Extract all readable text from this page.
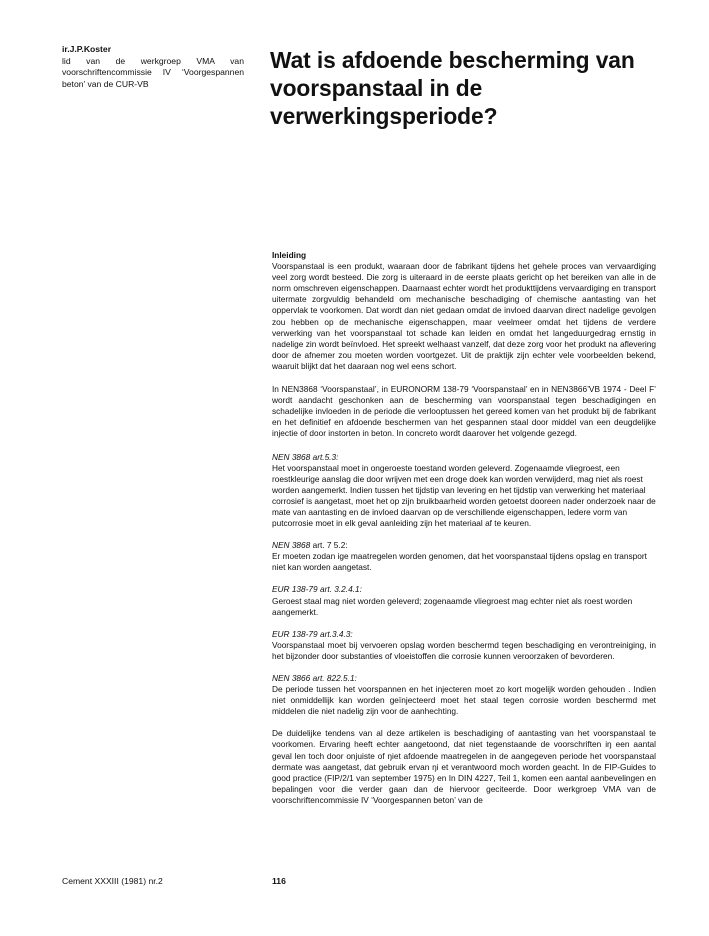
ir.J.P.Koster
lid van de werkgroep VMA van voorschriftencommissie IV ‘Voorgespannen beton’ van de CUR-VB
Wat is afdoende bescherming van voorspanstaal in de verwerkingsperiode?
Inleiding

Voorspanstaal is een produkt, waaraan door de fabrikant tijdens het gehele proces van vervaardiging veel zorg wordt besteed. Die zorg is uiteraard in de eerste plaats gericht op het bereiken van alle in de norm omschreven eigenschappen. Daarnaast echter wordt het produkttijdens vervaardiging en transport uitermate zorgvuldig behandeld om mechanische beschadiging of chemische aantasting van het oppervlak te voorkomen. Dat wordt dan niet gedaan omdat de invloed daarvan direct nadelige gevolgen zou hebben op de mechanische eigenschappen, maar veelmeer omdat het tijdens de verdere verwerking van het voorspanstaal tot schade kan leiden en omdat het langeduurgedrag ernstig in nadelige zin wordt beïnvloed. Het spreekt welhaast vanzelf, dat deze zorg voor het produkt na aflevering door de afnemer zou moeten worden voortgezet. Uit de praktijk zijn echter vele voorbeelden bekend, waaruit blijkt dat het daaraan nog wel eens schort.

In NEN3868 ‘Voorspanstaal’, in EURONORM 138-79 ‘Voorspanstaal’ en in NEN3866’VB 1974 - Deel F’ wordt aandacht geschonken aan de bescherming van voorspanstaal tegen beschadigingen en schadelijke invloeden in de periode die verlooptussen het gereed komen van het produkt bij de fabrikant en het definitief en afdoende beschermen van het gespannen staal door middel van een deugdelijke injectie of door instorten in beton. In concreto wordt daarover het volgende gezegd.

NEN 3868 art.5.3:
Het voorspanstaal moet in ongeroeste toestand worden geleverd. Zogenaamde vliegroest, een roestkleurige aanslag die door wrijven met een droge doek kan worden verwijderd, mag niet als roest worden aangemerkt. Indien tussen het tijdstip van levering en het tijdstip van verwerking het materiaal corrosief is aangetast, moet het op zijn bruikbaarheid worden getoetst dooreen nader onderzoek naar de mate van aantasting en de invloed daarvan op de verschillende eigenschappen, ledere vorm van putcorrosie moet in elk geval aanleiding zijn het materiaal af te keuren.
NEN 3868 art. 7 5.2:
Er moeten zodan ige maatregelen worden genomen, dat het voorspanstaal tijdens opslag en transport niet kan worden aangetast.
EUR 138-79 art. 3.2.4.1:
Geroest staal mag niet worden geleverd; zogenaamde vliegroest mag echter niet als roest worden aangemerkt.
EUR 138-79 art.3.4.3:
Voorspanstaal moet bij vervoeren opslag worden beschermd tegen beschadiging en verontreiniging, in het bijzonder door substanties of vloeistoffen die corrosie kunnen veroorzaken of bevorderen.
NEN 3866 art. 822.5.1:
De periode tussen het voorspannen en het injecteren moet zo kort mogelijk worden gehouden . Indien niet onmiddellijk kan worden geïnjecteerd moet het staal tegen corrosie worden beschermd met middelen die niet nadelig zijn voor de aanhechting.

De duidelijke tendens van al deze artikelen is beschadiging of aantasting van het voorspanstaal te voorkomen. Ervaring heeft echter aangetoond, dat niet tegenstaande de voorschriften iŋ een aantal geval len toch door onjuiste of ŋiet afdoende maatregelen in de aangegeven periode het voorspanstaal dermate was aangetast, dat gebruik ervan ŋi et verantwoord moch worden geacht. In de FIP-Guides to good practice (FIP/2/1 van september 1975) en In DIN 4227, Teil 1, komen een aantal aanbevelingen en bepalingen voor die verder gaan dan de hiervoor geciteerde. Door werkgroep VMA van de voorschriftencommissie IV ‘Voorgespannen beton’ van de

Cement XXXIII (1981) nr.2	116
